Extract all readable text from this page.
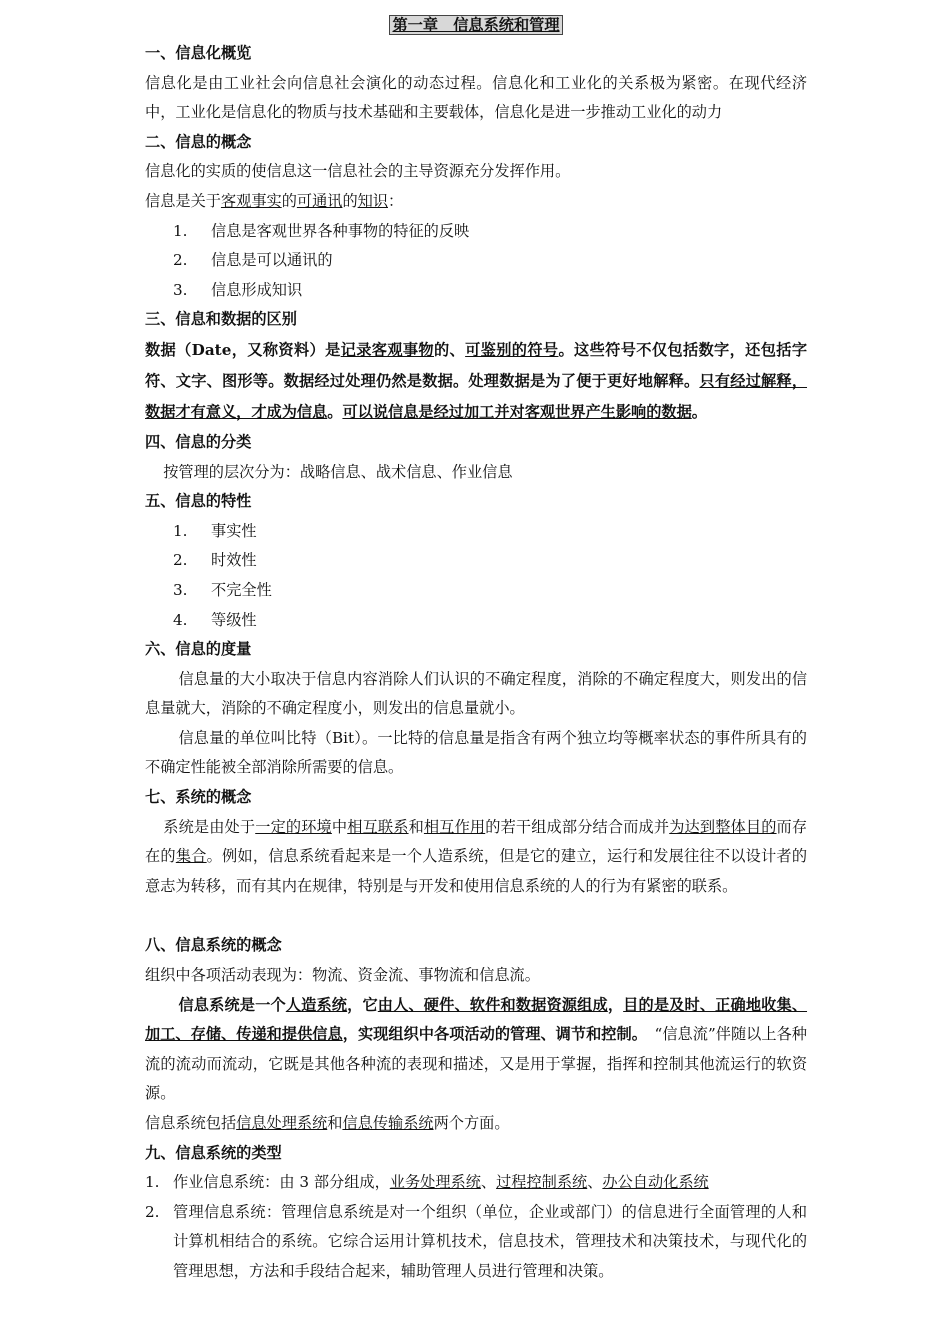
第一章　信息系统和管理
一、信息化概览
信息化是由工业社会向信息社会演化的动态过程。信息化和工业化的关系极为紧密。在现代经济中，工业化是信息化的物质与技术基础和主要载体，信息化是进一步推动工业化的动力
二、信息的概念
信息化的实质的使信息这一信息社会的主导资源充分发挥作用。
信息是关于客观事实的可通讯的知识：
1. 信息是客观世界各种事物的特征的反映
2. 信息是可以通讯的
3. 信息形成知识
三、信息和数据的区别
数据（Date，又称资料）是记录客观事物的、可鉴别的符号。这些符号不仅包括数字，还包括字符、文字、图形等。数据经过处理仍然是数据。处理数据是为了便于更好地解释。只有经过解释，数据才有意义，才成为信息。可以说信息是经过加工并对客观世界产生影响的数据。
四、信息的分类
按管理的层次分为：战略信息、战术信息、作业信息
五、信息的特性
1. 事实性
2. 时效性
3. 不完全性
4. 等级性
六、信息的度量
信息量的大小取决于信息内容消除人们认识的不确定程度，消除的不确定程度大，则发出的信息量就大，消除的不确定程度小，则发出的信息量就小。
信息量的单位叫比特（Bit）。一比特的信息量是指含有两个独立均等概率状态的事件所具有的不确定性能被全部消除所需要的信息。
七、系统的概念
系统是由处于一定的环境中相互联系和相互作用的若干组成部分结合而成并为达到整体目的而存在的集合。例如，信息系统看起来是一个人造系统，但是它的建立，运行和发展往往不以设计者的意志为转移，而有其内在规律，特别是与开发和使用信息系统的人的行为有紧密的联系。
八、信息系统的概念
组织中各项活动表现为：物流、资金流、事物流和信息流。
信息系统是一个人造系统，它由人、硬件、软件和数据资源组成，目的是及时、正确地收集、加工、存储、传递和提供信息，实现组织中各项活动的管理、调节和控制。　“信息流”伴随以上各种流的流动而流动，它既是其他各种流的表现和描述，又是用于掌握，指挥和控制其他流运行的软资源。
信息系统包括信息处理系统和信息传输系统两个方面。
九、信息系统的类型
1. 作业信息系统：由 3 部分组成，业务处理系统、过程控制系统、办公自动化系统
2. 管理信息系统：管理信息系统是对一个组织（单位，企业或部门）的信息进行全面管理的人和计算机相结合的系统。它综合运用计算机技术，信息技术，管理技术和决策技术，与现代化的管理思想，方法和手段结合起来，辅助管理人员进行管理和决策。
